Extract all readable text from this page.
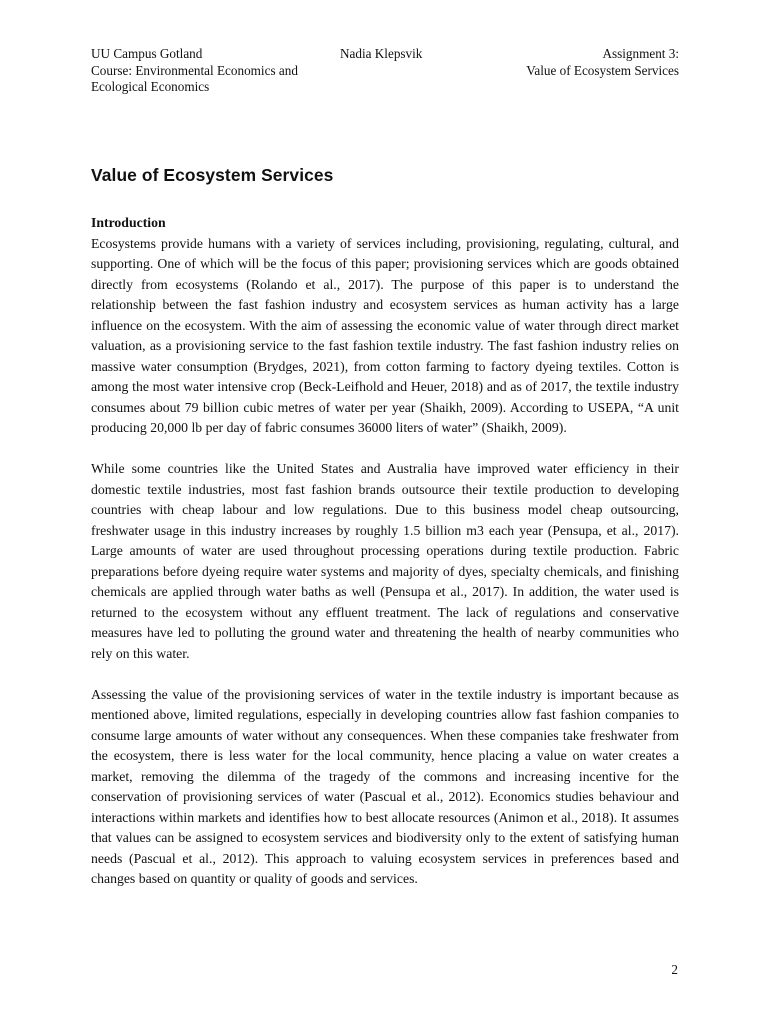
UU Campus Gotland
Course: Environmental Economics and
Ecological Economics
Nadia Klepsvik	Assignment 3:
Value of Ecosystem Services
Value of Ecosystem Services
Introduction

Ecosystems provide humans with a variety of services including, provisioning, regulating, cultural, and supporting. One of which will be the focus of this paper; provisioning services which are goods obtained directly from ecosystems (Rolando et al., 2017). The purpose of this paper is to understand the relationship between the fast fashion industry and ecosystem services as human activity has a large influence on the ecosystem. With the aim of assessing the economic value of water through direct market valuation, as a provisioning service to the fast fashion textile industry. The fast fashion industry relies on massive water consumption (Brydges, 2021), from cotton farming to factory dyeing textiles. Cotton is among the most water intensive crop (Beck-Leifhold and Heuer, 2018) and as of 2017, the textile industry consumes about 79 billion cubic metres of water per year (Shaikh, 2009). According to USEPA, “A unit producing 20,000 lb per day of fabric consumes 36000 liters of water” (Shaikh, 2009).

While some countries like the United States and Australia have improved water efficiency in their domestic textile industries, most fast fashion brands outsource their textile production to developing countries with cheap labour and low regulations. Due to this business model cheap outsourcing, freshwater usage in this industry increases by roughly 1.5 billion m3 each year (Pensupa, et al., 2017). Large amounts of water are used throughout processing operations during textile production. Fabric preparations before dyeing require water systems and majority of dyes, specialty chemicals, and finishing chemicals are applied through water baths as well (Pensupa et al., 2017). In addition, the water used is returned to the ecosystem without any effluent treatment. The lack of regulations and conservative measures have led to polluting the ground water and threatening the health of nearby communities who rely on this water.

Assessing the value of the provisioning services of water in the textile industry is important because as mentioned above, limited regulations, especially in developing countries allow fast fashion companies to consume large amounts of water without any consequences. When these companies take freshwater from the ecosystem, there is less water for the local community, hence placing a value on water creates a market, removing the dilemma of the tragedy of the commons and increasing incentive for the conservation of provisioning services of water (Pascual et al., 2012). Economics studies behaviour and interactions within markets and identifies how to best allocate resources (Animon et al., 2018). It assumes that values can be assigned to ecosystem services and biodiversity only to the extent of satisfying human needs (Pascual et al., 2012). This approach to valuing ecosystem services in preferences based and changes based on quantity or quality of goods and services.

2
